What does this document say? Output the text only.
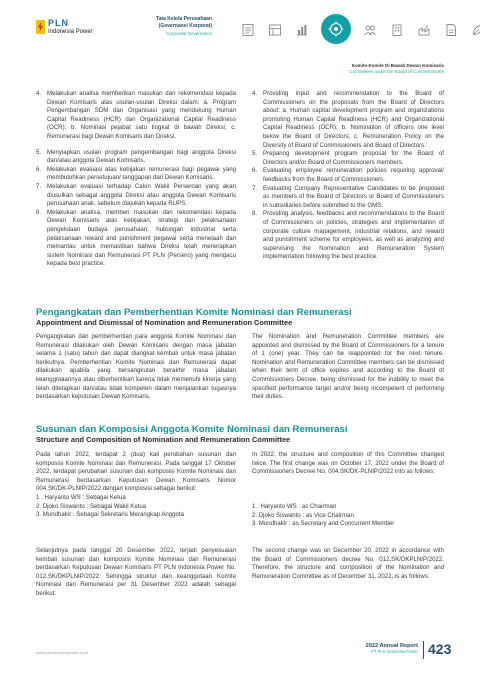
PLN
Indonesia Power
Tata Kelola Perusahaan
(Governansi Korporat)
Corporate Governance
Komite-Komite Di Bawah Dewan Komisaris
Committees under the Board of Commissioners
4. Melakukan analisa memberikan masukan dan rekomendasi kepada Dewan Komisaris atas usulan-usulan Direksi dalam: a. Program Pengembangan SDM dan Organisasi yang mendukung Human Capital Readiness (HCR) dan Organizational Capital Readiness (OCR); b. Nominasi pejabat satu tingkat di bawah Direksi; c. Remunerasi bagi Dewan Komisaris dan Direksi.
5. Menyiapkan usulan program pengembangan bagi anggota Direksi dan/atau anggota Dewan Komisaris.
6. Melakukan evaluasi atas kebijakan remunerasi bagi pegawai yang membutuhkan persetujuan/ tanggapan dari Dewan Komisaris.
7. Melakukan evaluasi terhadap Calon Wakil Perseroan yang akan diusulkan sebagai anggota Direksi atau anggota Dewan Komisaris perusahaan anak, sebelum diajukan kepada RUPS.
8. Melakukan analisa, memberi masukan dan rekomendasi kepada Dewan Komisaris atas kebijakan, strategi dan pelaksanaan pengelolaan budaya perusahaan, hubungan industrial serta pelaksanaan reward and punishment pegawai serta menelaah dan memantau untuk memastikan bahwa Direksi telah menerapkan sistem Nominasi dan Remunerasi PT PLN (Persero) yang mengacu kepada best practice.
4. Providing input and recommendation to the Board of Commissioners on the proposals from the Board of Directors about: a. Human capital development program and organizations promoting Human Capital Readiness (HCR) and Organizational Capital Readiness (OCR); b. Nomination of officers one level below the Board of Directors; c. Remuneration Policy on the Diversity of Board of Commissioners and Board of Directors.
5. Preparing development program proposal for the Board of Directors and/or Board of Commissioners members.
6. Evaluating employee remuneration policies requiring approval/ feedbacks from the Board of Commissioners.
7. Evaluating Company Representative Candidates to be proposed as members of the Board of Directors or Board of Commissioners in subsidiaries before submitted to the GMS.
8. Providing analysis, feedbacks and recommendations to the Board of Commissioners on policies, strategies and implementation of corporate culture management, industrial relations, and reward and punishment scheme for employees, as well as analyzing and supervising the Nomination and Remuneration System implementation following the best practice.
Pengangkatan dan Pemberhentian Komite Nominasi dan Remunerasi
Appointment and Dismissal of Nomination and Remuneration Committee
Pengangkatan dan pemberhentian para anggota Komite Nominasi dan Remunerasi dilakukan oleh Dewan Komisaris dengan masa jabatan selama 1 (satu) tahun dan dapat diangkat kembali untuk masa jabatan berikutnya. Pemberhentian Komite Nominasi dan Remunerasi dapat dilakukan apabila yang bersangkutan berakhir masa jabatan keanggotaannya atau diberhentikan karena tidak memenuhi kinerja yang telah ditetapkan dan/atau tidak kompeten dalam menjalankan tugasnya berdasarkan keputusan Dewan Komisaris.
The Nomination and Remuneration Committee members are appointed and dismissed by the Board of Commissioners for a tenure of 1 (one) year. They can be reappointed for the next tenure. Nomination and Remuneration Committee members can be dismissed when their term of office expires and according to the Board of Commissioners Decree, being dismissed for the inability to meet the specified performance target and/or being incompetent of performing their duties.
Susunan dan Komposisi Anggota Komite Nominasi dan Remunerasi
Structure and Composition of Nomination and Remuneration Committee
Pada tahun 2022, terdapat 2 (dua) kali perubahan susunan dan komposisi Komite Nominasi dan Remunerasi. Pada tanggal 17 Oktober 2022, terdapat perubahan susunan dan komposisi Komite Nominasi dan Remunerasi berdasarkan Keputusan Dewan Komisaris Nomor 004.SK/DK-PLNIP/2022 dengan komposisi sebagai berikut:
In 2022, the structure and composition of this Committee changed twice. The first change was on October 17, 2022 under the Board of Commissioners Decree No. 004.SK/DK-PLNIP/2022 into as follows:
1 . Haryanto WS : Sebagai Ketua
2. Djoko Siswanto : Sebagai Wakil Ketua
3. Mundhakir : Sebagai Sekretaris Merangkap Anggota
1 . Haryanto WS : as Chairman
2. Djoko Siswanto : as Vice Chairman
3. Mundhakir : as Secretary and Concurrent Member
Selanjutnya pada tanggal 20 Desember 2022, terjadi penyesuaian kembali susunan dan komposisi Komite Nominasi dan Remunerasi berdasarkan Keputusan Dewan Komisaris PT PLN Indonesia Power No. 012.SK/DKPLNIP/2022. Sehingga struktur dan keanggotaan Komite Nominasi dan Remunerasi per 31 Desember 2022 adalah sebagai berikut:
The second change was on December 20, 2022 in accordance with the Board of Commissioners decree No. 012.SK/DKPLNIP/2022. Therefore, the structure and composition of the Nomination and Remuneration Committee as of December 31, 2022, is as follows:
www.plnindonesiapower.co.id
2022 Annual Report
PT PLN Indonesia Power 423
